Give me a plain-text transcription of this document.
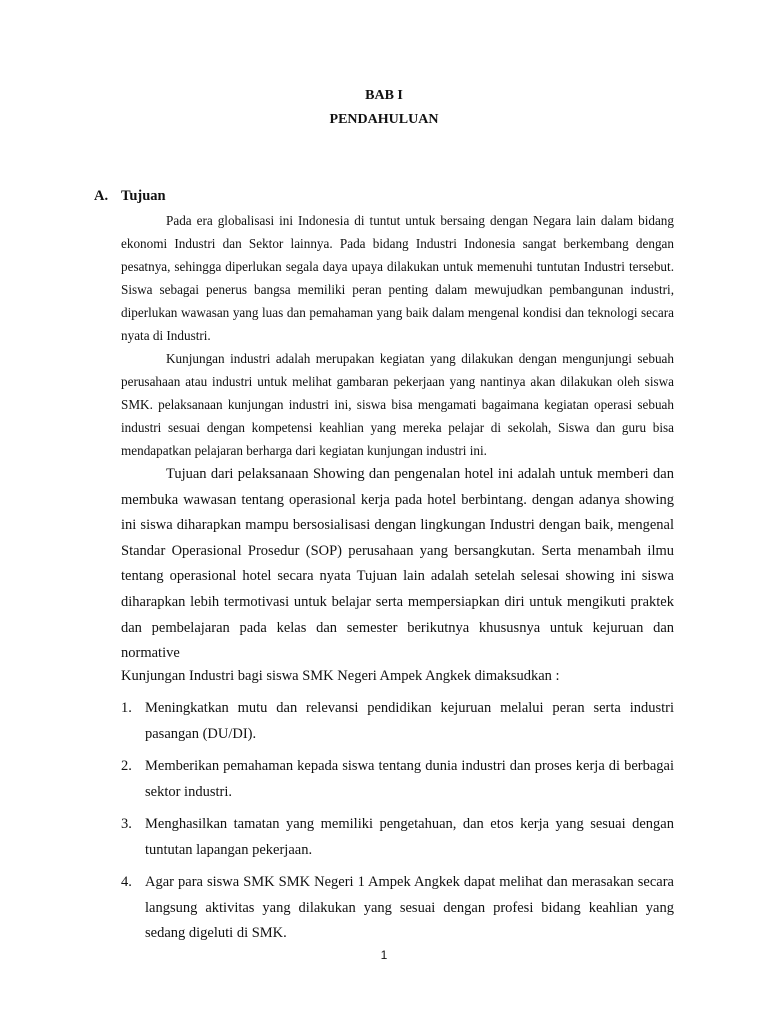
BAB I
PENDAHULUAN
A. Tujuan

Pada era globalisasi ini Indonesia di tuntut untuk bersaing dengan Negara lain dalam bidang ekonomi Industri dan Sektor lainnya. Pada bidang Industri Indonesia sangat berkembang dengan pesatnya, sehingga diperlukan segala daya upaya dilakukan untuk memenuhi tuntutan Industri tersebut. Siswa sebagai penerus bangsa memiliki peran penting dalam mewujudkan pembangunan industri, diperlukan wawasan yang luas dan pemahaman yang baik dalam mengenal kondisi dan teknologi secara nyata di Industri.

Kunjungan industri adalah merupakan kegiatan yang dilakukan dengan mengunjungi sebuah perusahaan atau industri untuk melihat gambaran pekerjaan yang nantinya akan dilakukan oleh siswa SMK. pelaksanaan kunjungan industri ini, siswa bisa mengamati bagaimana kegiatan operasi sebuah industri sesuai dengan kompetensi keahlian yang mereka pelajar di sekolah, Siswa dan guru bisa mendapatkan pelajaran berharga dari kegiatan kunjungan industri ini.

Tujuan dari pelaksanaan Showing dan pengenalan hotel ini adalah untuk memberi dan membuka wawasan tentang operasional kerja pada hotel berbintang. dengan adanya showing ini siswa diharapkan mampu bersosialisasi dengan lingkungan Industri dengan baik, mengenal Standar Operasional Prosedur (SOP) perusahaan yang bersangkutan. Serta menambah ilmu tentang operasional hotel secara nyata Tujuan lain adalah setelah selesai showing ini siswa diharapkan lebih termotivasi untuk belajar serta mempersiapkan diri untuk mengikuti praktek dan pembelajaran pada kelas dan semester berikutnya khususnya untuk kejuruan dan normative

Kunjungan Industri bagi siswa SMK Negeri Ampek Angkek dimaksudkan :

1. Meningkatkan mutu dan relevansi pendidikan kejuruan melalui peran serta industri pasangan (DU/DI).
2. Memberikan pemahaman kepada siswa tentang dunia industri dan proses kerja di berbagai sektor industri.
3. Menghasilkan tamatan yang memiliki pengetahuan, dan etos kerja yang sesuai dengan tuntutan lapangan pekerjaan.
4. Agar para siswa SMK SMK Negeri 1 Ampek Angkek dapat melihat dan merasakan secara langsung aktivitas yang dilakukan yang sesuai dengan profesi bidang keahlian yang sedang digeluti di SMK.
1
